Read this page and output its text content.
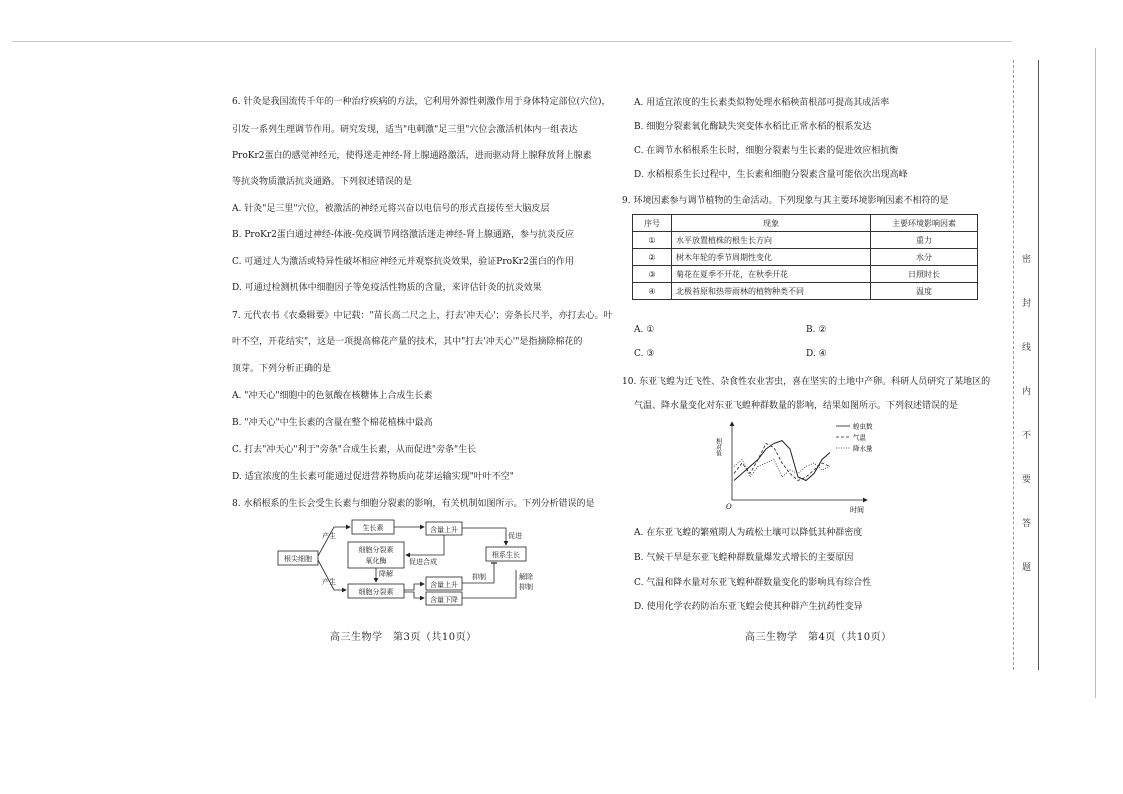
密
封
线
内
不
要
答
题
6. 针灸是我国流传千年的一种治疗疾病的方法，它利用外源性刺激作用于身体特定部位(穴位)，
引发一系列生理调节作用。研究发现，适当"电刺激"足三里"穴位会激活机体内一组表达
ProKr2蛋白的感觉神经元，使得迷走神经-肾上腺通路激活，进而驱动肾上腺释放肾上腺素
等抗炎物质激活抗炎通路。下列叙述错误的是
A. 针灸"足三里"穴位，被激活的神经元将兴奋以电信号的形式直接传至大脑皮层
B. ProKr2蛋白通过神经-体液-免疫调节网络激活迷走神经-肾上腺通路，参与抗炎反应
C. 可通过人为激活或特异性破坏相应神经元并观察抗炎效果，验证ProKr2蛋白的作用
D. 可通过检测机体中细胞因子等免疫活性物质的含量，来评估针灸的抗炎效果
7. 元代农书《农桑辑要》中记载："苗长高二尺之上，打去'冲天心'；旁条长尺半，亦打去心。叶
叶不空，开花结实"，这是一项提高棉花产量的技术，其中"打去'冲天心'"是指摘除棉花的
顶芽。下列分析正确的是
A. "冲天心"细胞中的色氨酸在核糖体上合成生长素
B. "冲天心"中生长素的含量在整个棉花植株中最高
C. 打去"冲天心"利于"旁条"合成生长素，从而促进"旁条"生长
D. 适宜浓度的生长素可能通过促进营养物质向花芽运输实现"叶叶不空"
8. 水稻根系的生长会受生长素与细胞分裂素的影响，有关机制如图所示。下列分析错误的是
根尖细胞
生长素
细胞分裂素
氧化酶
细胞分裂素
含量上升
含量上升
含量下降
根系生长
产生
产生
促进合成
降解
促进
抑制	解除
抑制
高三生物学　第3页（共10页）
A. 用适宜浓度的生长素类似物处理水稻秧苗根部可提高其成活率
B. 细胞分裂素氧化酶缺失突变体水稻比正常水稻的根系发达
C. 在调节水稻根系生长时，细胞分裂素与生长素的促进效应相抗衡
D. 水稻根系生长过程中，生长素和细胞分裂素含量可能依次出现高峰
9. 环境因素参与调节植物的生命活动。下列现象与其主要环境影响因素不相符的是
序号	现象	主要环境影响因素
①	水平放置植株的根生长方向	重力
②	树木年轮的季节周期性变化	水分
③	菊花在夏季不开花，在秋季开花	日照时长
④	北极苔原和热带雨林的植物种类不同	温度
A. ①	B. ②
C. ③	D. ④
10. 东亚飞蝗为迁飞性、杂食性农业害虫，喜在坚实的土地中产卵。科研人员研究了某地区的
气温、降水量变化对东亚飞蝗种群数量的影响，结果如图所示。下列叙述错误的是
相对值
时间
O
蝗虫数
气温
降水量
A. 在东亚飞蝗的繁殖期人为疏松土壤可以降低其种群密度
B. 气候干旱是东亚飞蝗种群数量爆发式增长的主要原因
C. 气温和降水量对东亚飞蝗种群数量变化的影响具有综合性
D. 使用化学农药防治东亚飞蝗会使其种群产生抗药性变异
高三生物学　第4页（共10页）
